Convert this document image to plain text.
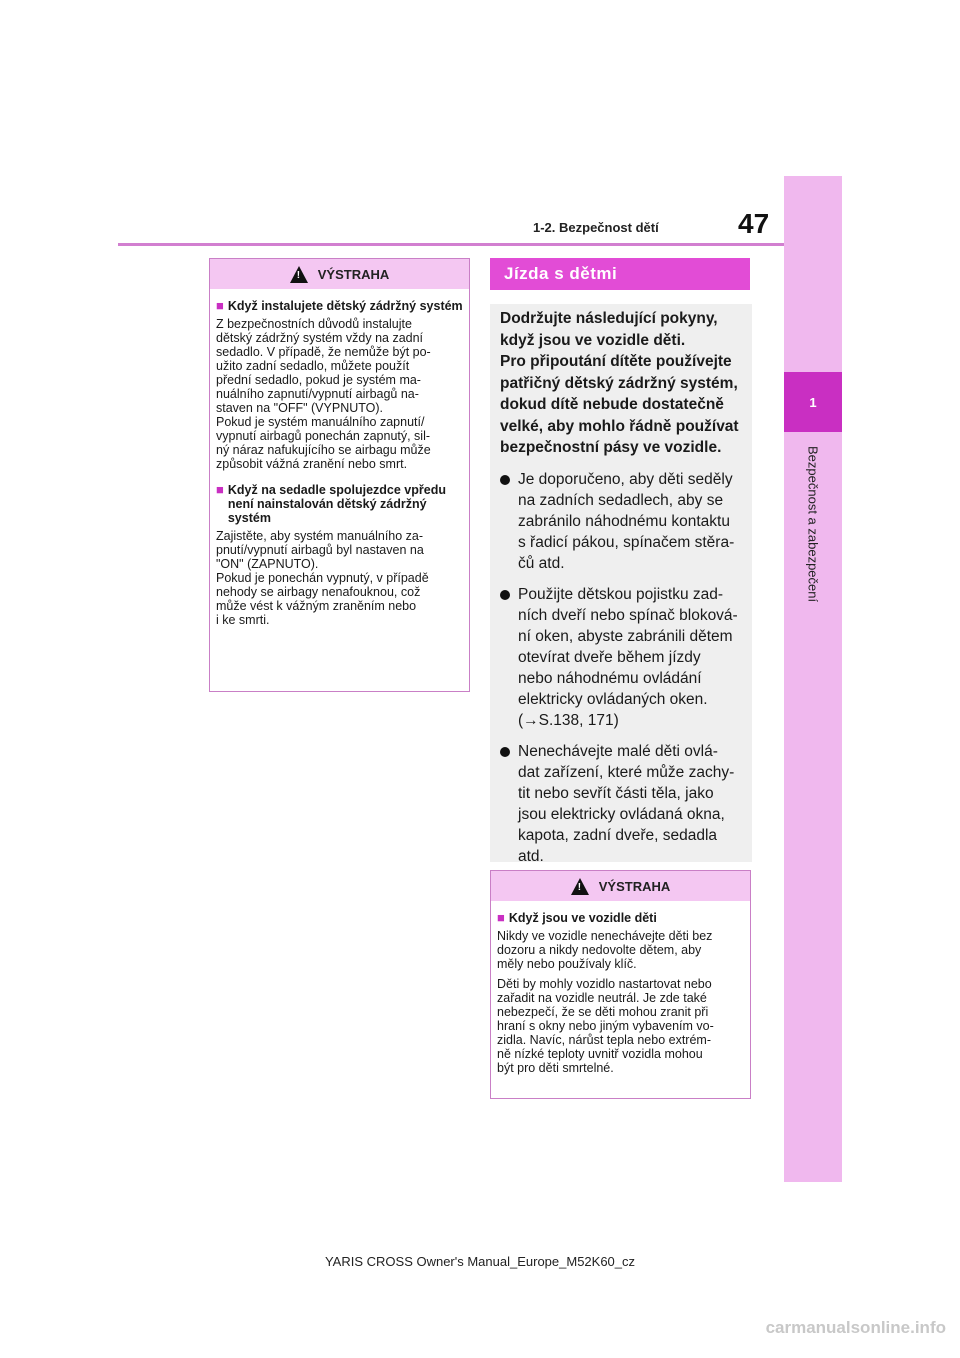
1
Bezpečnost a zabezpečení
1-2. Bezpečnost dětí	47
! VÝSTRAHA
■ Když instalujete dětský zádržný systém
Z bezpečnostních důvodů instalujte
dětský zádržný systém vždy na zadní
sedadlo. V případě, že nemůže být po-
užito zadní sedadlo, můžete použít
přední sedadlo, pokud je systém ma-
nuálního zapnutí/vypnutí airbagů na-
staven na "OFF" (VYPNUTO).
Pokud je systém manuálního zapnutí/
vypnutí airbagů ponechán zapnutý, sil-
ný náraz nafukujícího se airbagu může
způsobit vážná zranění nebo smrt.
■ Když na sedadle spolujezdce vpředu není nainstalován dětský zádržný systém
Zajistěte, aby systém manuálního za-
pnutí/vypnutí airbagů byl nastaven na
"ON" (ZAPNUTO).
Pokud je ponechán vypnutý, v případě
nehody se airbagy nenafouknou, což
může vést k vážným zraněním nebo
i ke smrti.
Jízda s dětmi
Dodržujte následující pokyny,
když jsou ve vozidle děti.
Pro připoutání dítěte používejte
patřičný dětský zádržný systém,
dokud dítě nebude dostatečně
velké, aby mohlo řádně používat
bezpečnostní pásy ve vozidle.
Je doporučeno, aby děti seděly
na zadních sedadlech, aby se
zabránilo náhodnému kontaktu
s řadicí pákou, spínačem stěra-
čů atd.
Použijte dětskou pojistku zad-
ních dveří nebo spínač bloková-
ní oken, abyste zabránili dětem
otevírat dveře během jízdy
nebo náhodnému ovládání
elektricky ovládaných oken.
(→S.138, 171)
Nenechávejte malé děti ovlá-
dat zařízení, které může zachy-
tit nebo sevřít části těla, jako
jsou elektricky ovládaná okna,
kapota, zadní dveře, sedadla
atd.
! VÝSTRAHA
■ Když jsou ve vozidle děti
Nikdy ve vozidle nenechávejte děti bez
dozoru a nikdy nedovolte dětem, aby
měly nebo používaly klíč.
Děti by mohly vozidlo nastartovat nebo
zařadit na vozidle neutrál. Je zde také
nebezpečí, že se děti mohou zranit při
hraní s okny nebo jiným vybavením vo-
zidla. Navíc, nárůst tepla nebo extrém-
ně nízké teploty uvnitř vozidla mohou
být pro děti smrtelné.
YARIS CROSS Owner's Manual_Europe_M52K60_cz
carmanualsonline.info
